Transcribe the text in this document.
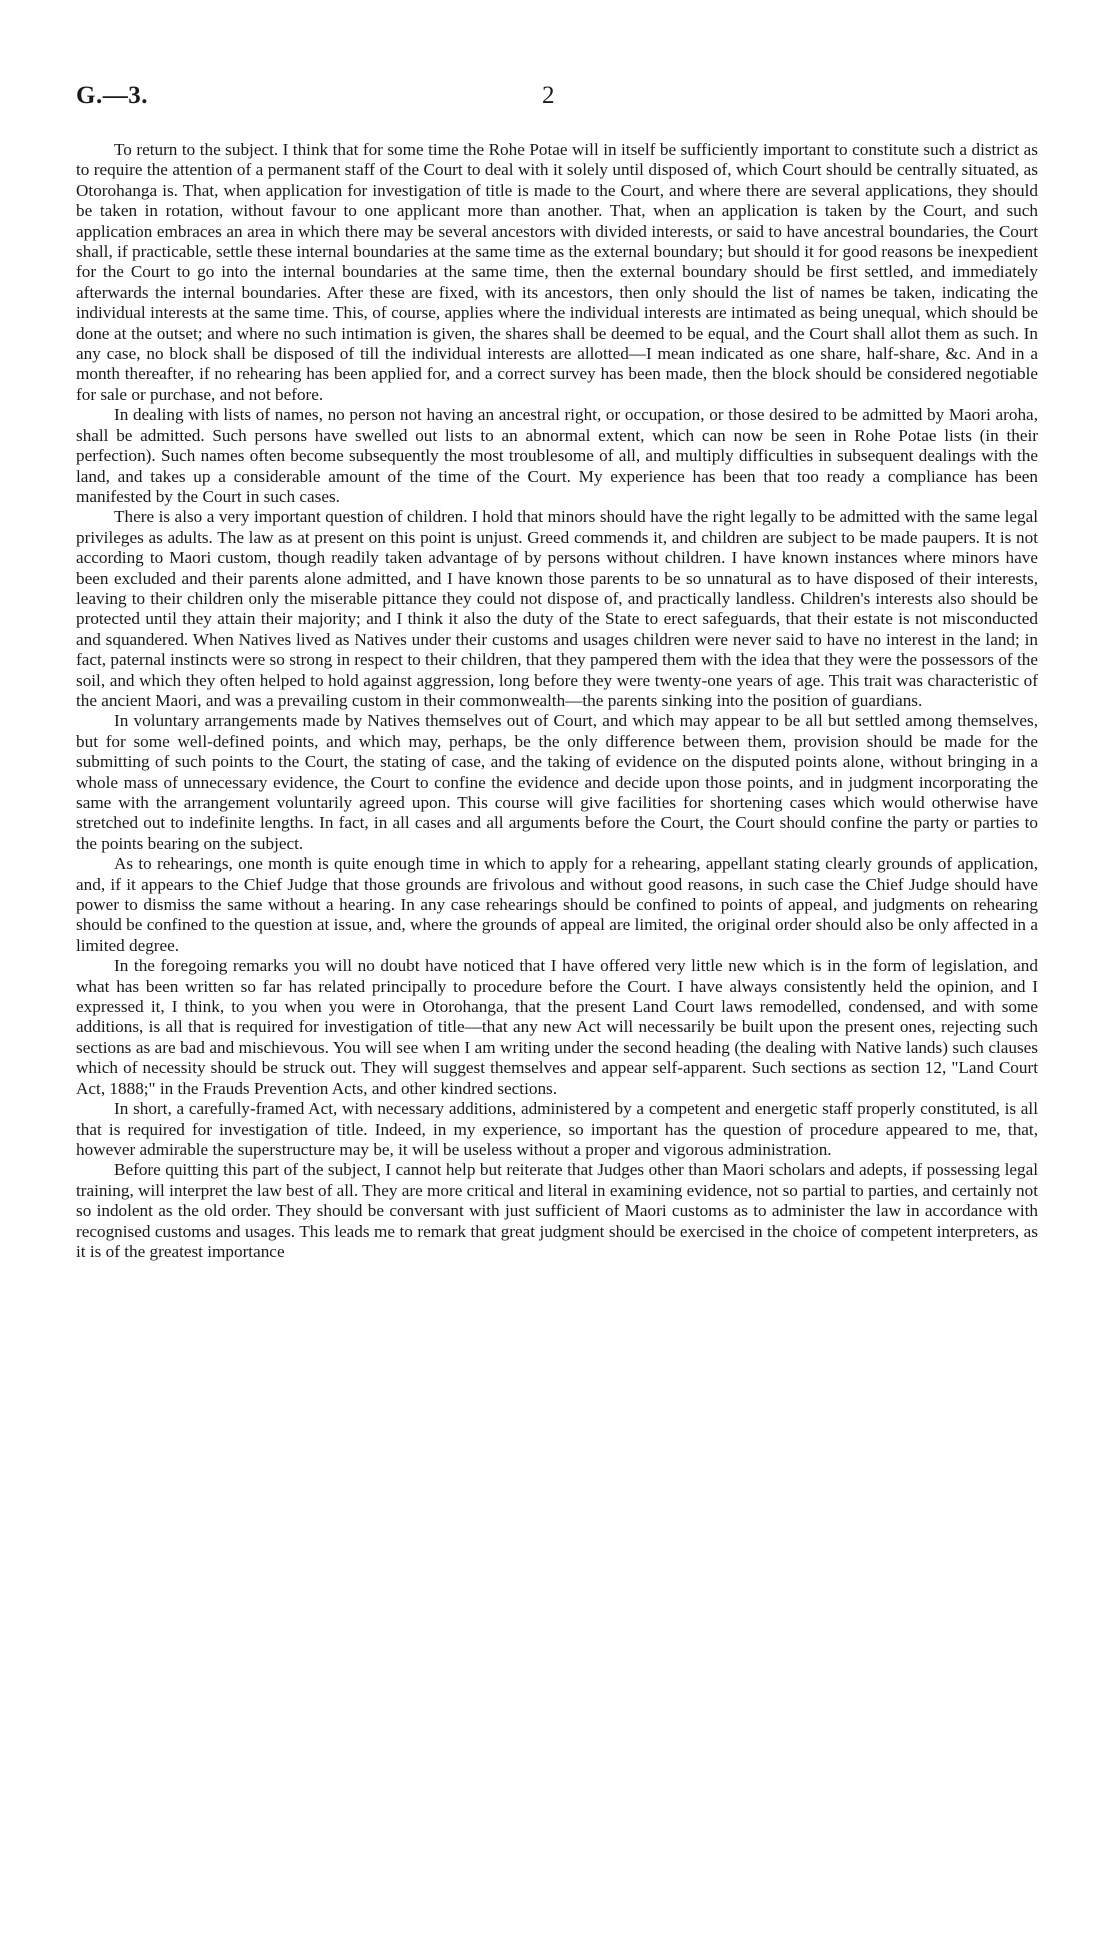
G.—3.	2

To return to the subject. I think that for some time the Rohe Potae will in itself be sufficiently important to constitute such a district as to require the attention of a permanent staff of the Court to deal with it solely until disposed of, which Court should be centrally situated, as Otorohanga is. That, when application for investigation of title is made to the Court, and where there are several applications, they should be taken in rotation, without favour to one applicant more than another. That, when an application is taken by the Court, and such application embraces an area in which there may be several ancestors with divided interests, or said to have ancestral boundaries, the Court shall, if practicable, settle these internal boundaries at the same time as the external boundary; but should it for good reasons be inexpedient for the Court to go into the internal boundaries at the same time, then the external boundary should be first settled, and immediately afterwards the internal boundaries. After these are fixed, with its ancestors, then only should the list of names be taken, indicating the individual interests at the same time. This, of course, applies where the individual interests are intimated as being unequal, which should be done at the outset; and where no such intimation is given, the shares shall be deemed to be equal, and the Court shall allot them as such. In any case, no block shall be disposed of till the individual interests are allotted—I mean indicated as one share, half-share, &c. And in a month thereafter, if no rehearing has been applied for, and a correct survey has been made, then the block should be considered negotiable for sale or purchase, and not before.

In dealing with lists of names, no person not having an ancestral right, or occupation, or those desired to be admitted by Maori aroha, shall be admitted. Such persons have swelled out lists to an abnormal extent, which can now be seen in Rohe Potae lists (in their perfection). Such names often become subsequently the most troublesome of all, and multiply difficulties in subsequent dealings with the land, and takes up a considerable amount of the time of the Court. My experience has been that too ready a compliance has been manifested by the Court in such cases.

There is also a very important question of children. I hold that minors should have the right legally to be admitted with the same legal privileges as adults. The law as at present on this point is unjust. Greed commends it, and children are subject to be made paupers. It is not according to Maori custom, though readily taken advantage of by persons without children. I have known instances where minors have been excluded and their parents alone admitted, and I have known those parents to be so unnatural as to have disposed of their interests, leaving to their children only the miserable pittance they could not dispose of, and practically landless. Children's interests also should be protected until they attain their majority; and I think it also the duty of the State to erect safeguards, that their estate is not misconducted and squandered. When Natives lived as Natives under their customs and usages children were never said to have no interest in the land; in fact, paternal instincts were so strong in respect to their children, that they pampered them with the idea that they were the possessors of the soil, and which they often helped to hold against aggression, long before they were twenty-one years of age. This trait was characteristic of the ancient Maori, and was a prevailing custom in their commonwealth—the parents sinking into the position of guardians.

In voluntary arrangements made by Natives themselves out of Court, and which may appear to be all but settled among themselves, but for some well-defined points, and which may, perhaps, be the only difference between them, provision should be made for the submitting of such points to the Court, the stating of case, and the taking of evidence on the disputed points alone, without bringing in a whole mass of unnecessary evidence, the Court to confine the evidence and decide upon those points, and in judgment incorporating the same with the arrangement voluntarily agreed upon. This course will give facilities for shortening cases which would otherwise have stretched out to indefinite lengths. In fact, in all cases and all arguments before the Court, the Court should confine the party or parties to the points bearing on the subject.

As to rehearings, one month is quite enough time in which to apply for a rehearing, appellant stating clearly grounds of application, and, if it appears to the Chief Judge that those grounds are frivolous and without good reasons, in such case the Chief Judge should have power to dismiss the same without a hearing. In any case rehearings should be confined to points of appeal, and judgments on rehearing should be confined to the question at issue, and, where the grounds of appeal are limited, the original order should also be only affected in a limited degree.

In the foregoing remarks you will no doubt have noticed that I have offered very little new which is in the form of legislation, and what has been written so far has related principally to procedure before the Court. I have always consistently held the opinion, and I expressed it, I think, to you when you were in Otorohanga, that the present Land Court laws remodelled, condensed, and with some additions, is all that is required for investigation of title—that any new Act will necessarily be built upon the present ones, rejecting such sections as are bad and mischievous. You will see when I am writing under the second heading (the dealing with Native lands) such clauses which of necessity should be struck out. They will suggest themselves and appear self-apparent. Such sections as section 12, "Land Court Act, 1888;" in the Frauds Prevention Acts, and other kindred sections.

In short, a carefully-framed Act, with necessary additions, administered by a competent and energetic staff properly constituted, is all that is required for investigation of title. Indeed, in my experience, so important has the question of procedure appeared to me, that, however admirable the superstructure may be, it will be useless without a proper and vigorous administration.

Before quitting this part of the subject, I cannot help but reiterate that Judges other than Maori scholars and adepts, if possessing legal training, will interpret the law best of all. They are more critical and literal in examining evidence, not so partial to parties, and certainly not so indolent as the old order. They should be conversant with just sufficient of Maori customs as to administer the law in accordance with recognised customs and usages. This leads me to remark that great judgment should be exercised in the choice of competent interpreters, as it is of the greatest importance
